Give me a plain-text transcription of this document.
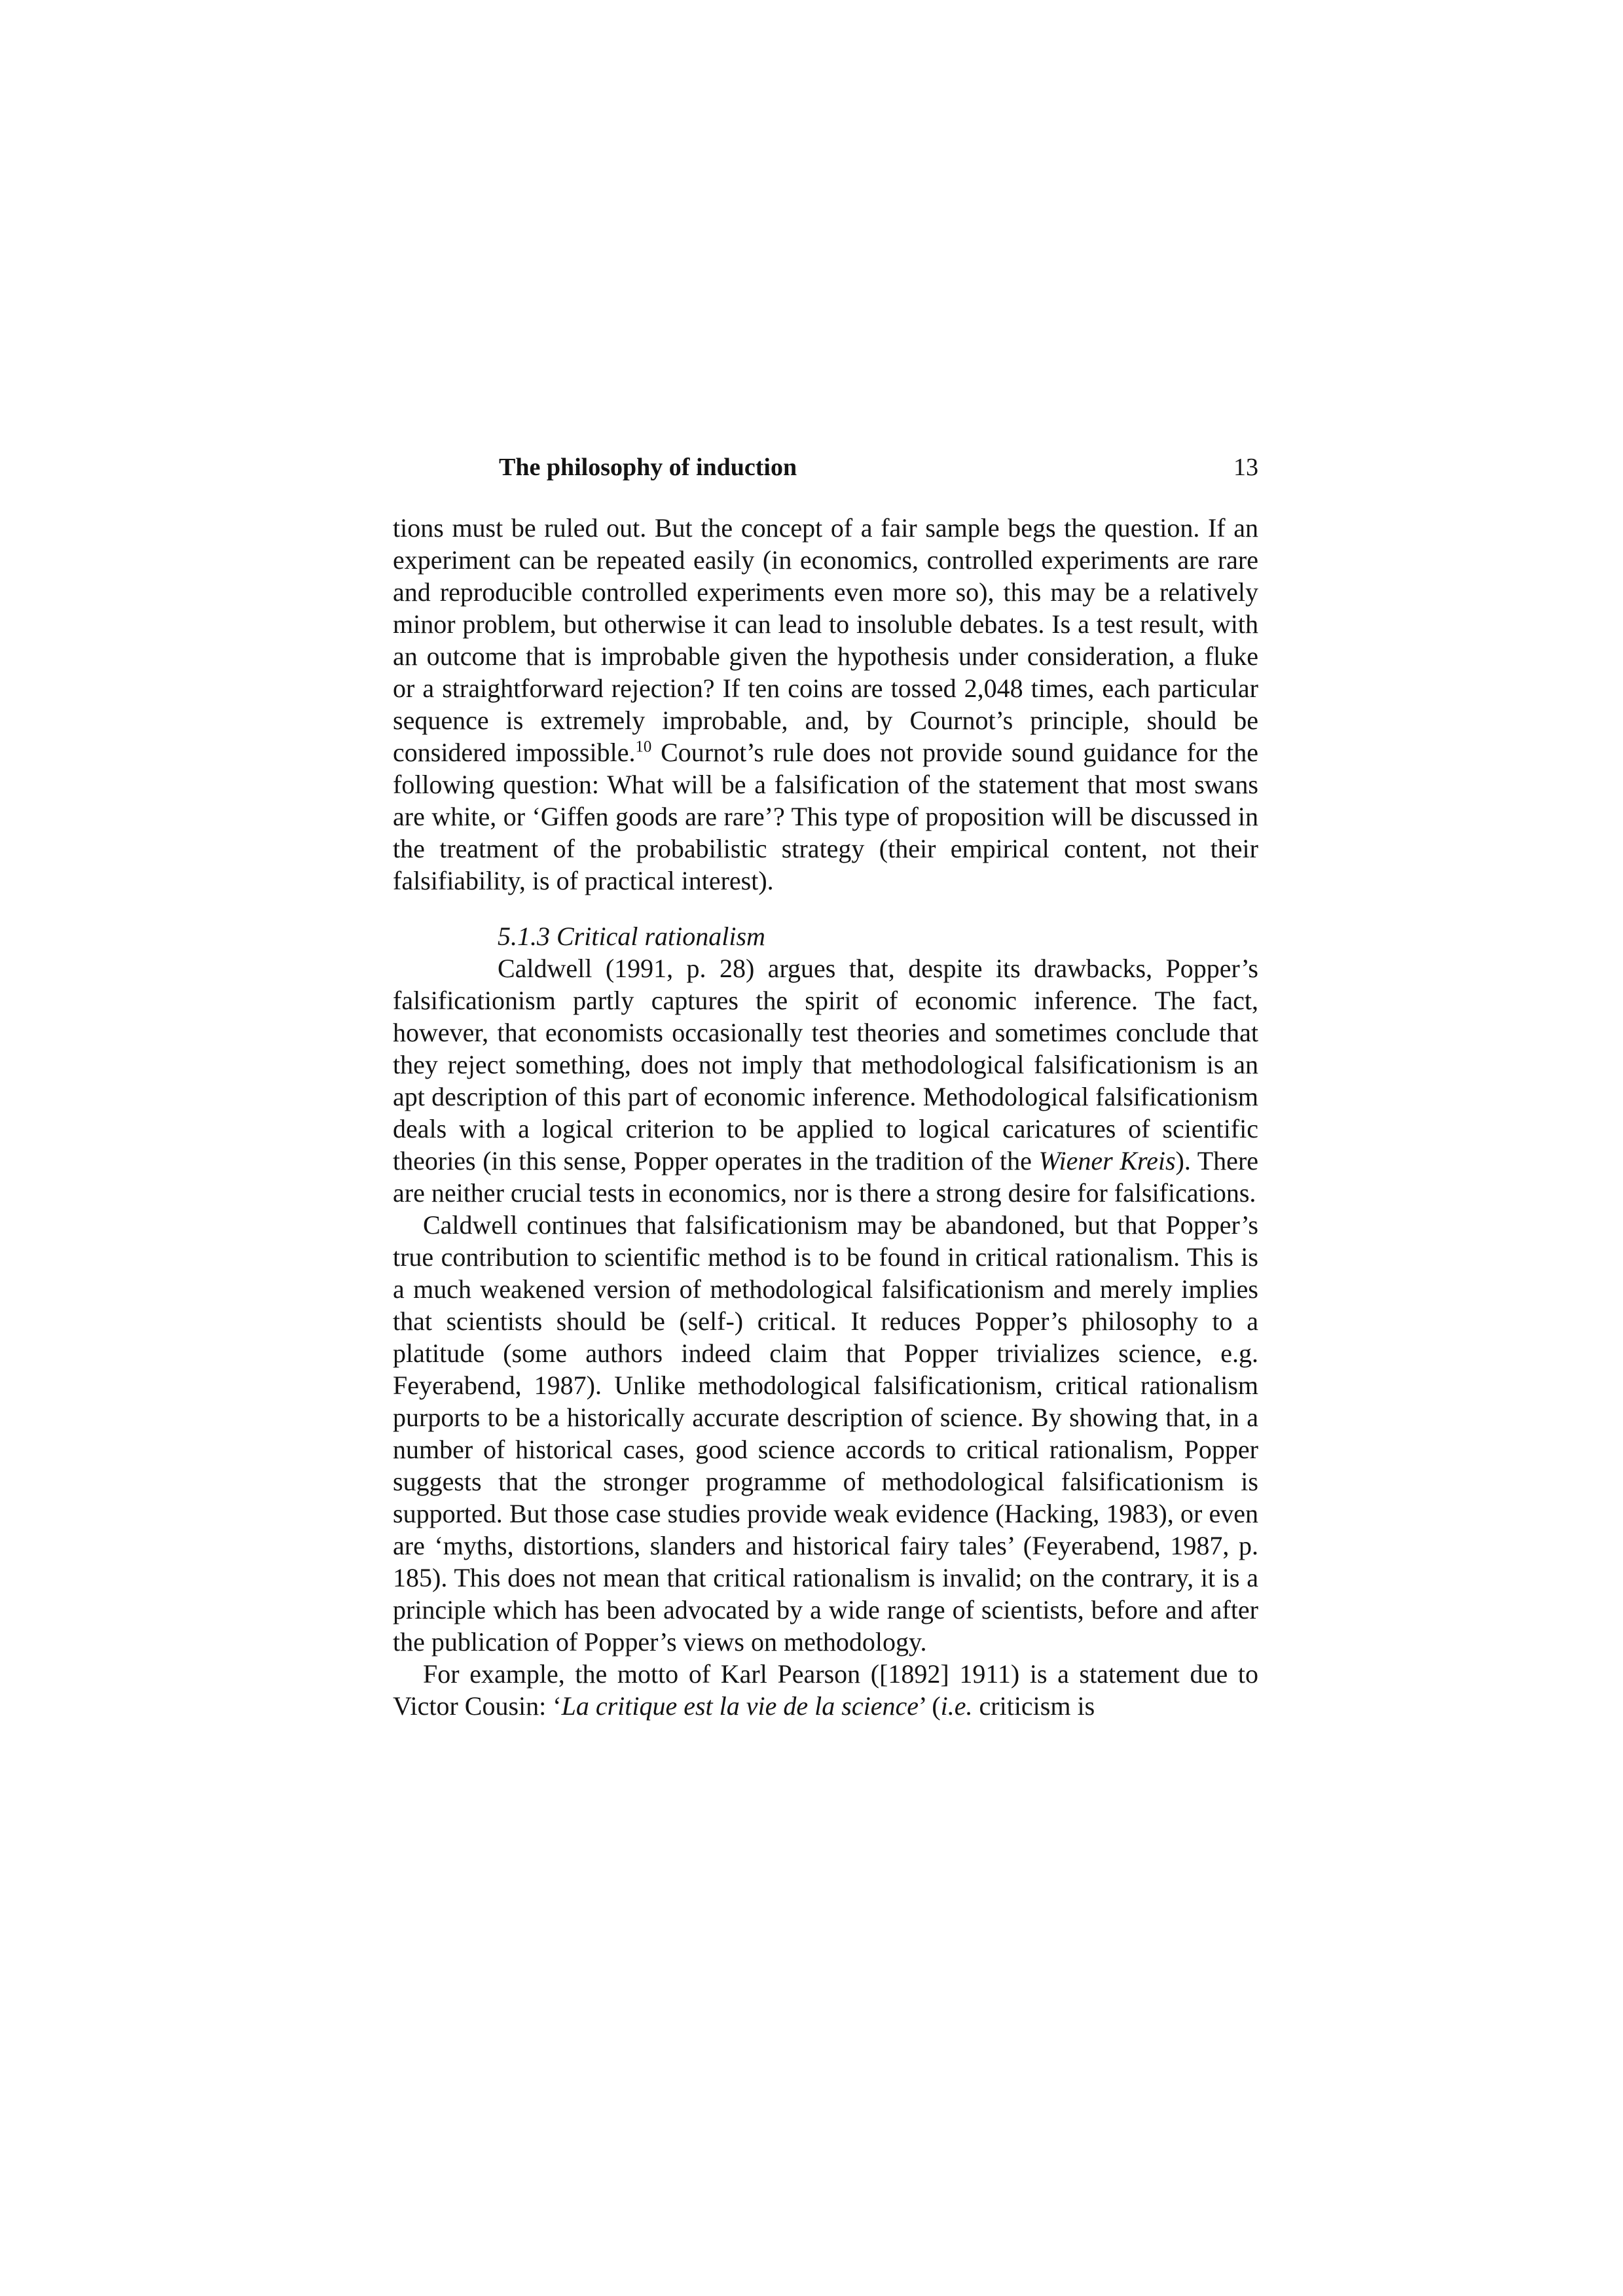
The philosophy of induction	13

tions must be ruled out. But the concept of a fair sample begs the question. If an experiment can be repeated easily (in economics, controlled experiments are rare and reproducible controlled experiments even more so), this may be a relatively minor problem, but otherwise it can lead to insoluble debates. Is a test result, with an outcome that is improbable given the hypothesis under consideration, a fluke or a straightforward rejection? If ten coins are tossed 2,048 times, each particular sequence is extremely improbable, and, by Cournot’s principle, should be considered impossible.$^{10}$ Cournot’s rule does not provide sound guidance for the following question: What will be a falsification of the statement that most swans are white, or ‘Giffen goods are rare’? This type of proposition will be discussed in the treatment of the probabilistic strategy (their empirical content, not their falsifiability, is of practical interest).

5.1.3 Critical rationalism

Caldwell (1991, p. 28) argues that, despite its drawbacks, Popper’s falsificationism partly captures the spirit of economic inference. The fact, however, that economists occasionally test theories and sometimes conclude that they reject something, does not imply that methodological falsificationism is an apt description of this part of economic inference. Methodological falsificationism deals with a logical criterion to be applied to logical caricatures of scientific theories (in this sense, Popper operates in the tradition of the Wiener Kreis). There are neither crucial tests in economics, nor is there a strong desire for falsifications.

Caldwell continues that falsificationism may be abandoned, but that Popper’s true contribution to scientific method is to be found in critical rationalism. This is a much weakened version of methodological falsificationism and merely implies that scientists should be (self-) critical. It reduces Popper’s philosophy to a platitude (some authors indeed claim that Popper trivializes science, e.g. Feyerabend, 1987). Unlike methodological falsificationism, critical rationalism purports to be a historically accurate description of science. By showing that, in a number of historical cases, good science accords to critical rationalism, Popper suggests that the stronger programme of methodological falsificationism is supported. But those case studies provide weak evidence (Hacking, 1983), or even are ‘myths, distortions, slanders and historical fairy tales’ (Feyerabend, 1987, p. 185). This does not mean that critical rationalism is invalid; on the contrary, it is a principle which has been advocated by a wide range of scientists, before and after the publication of Popper’s views on methodology.

For example, the motto of Karl Pearson ([1892] 1911) is a statement due to Victor Cousin: ‘La critique est la vie de la science’ (i.e. criticism is
